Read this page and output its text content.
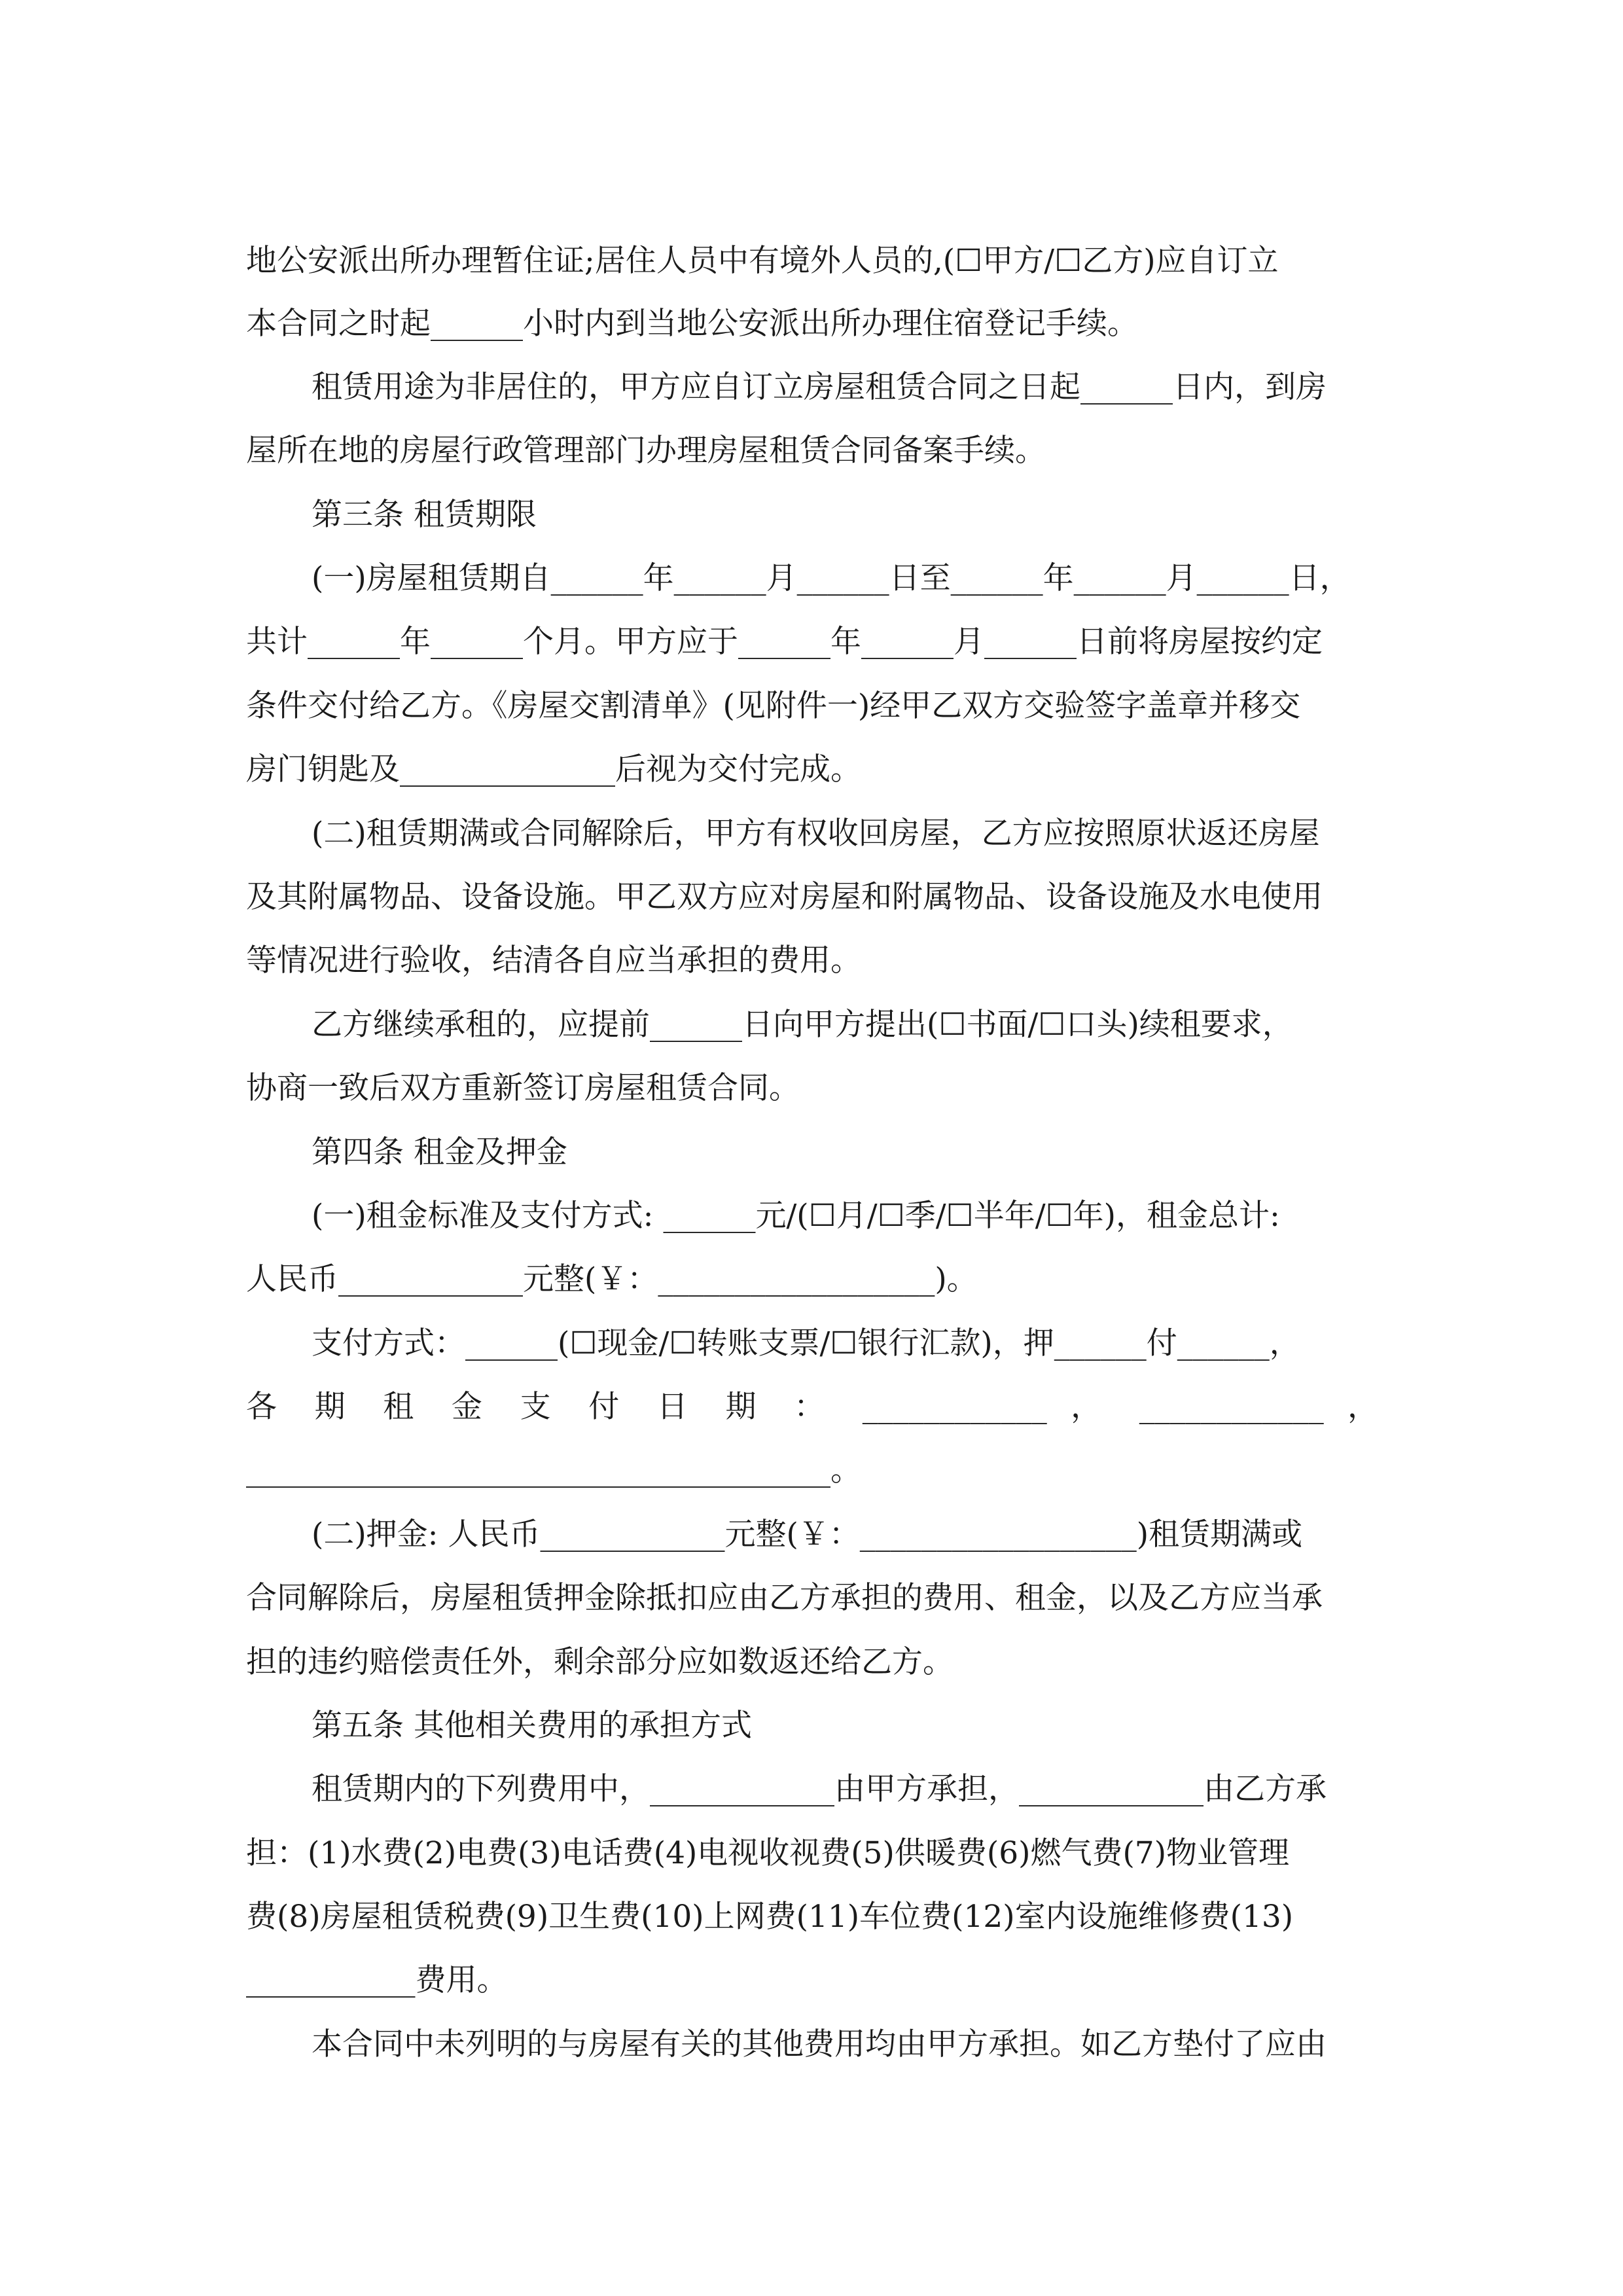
地公安派出所办理暂住证;居住人员中有境外人员的,(☐甲方/☐乙方)应自订立

本合同之时起______小时内到当地公安派出所办理住宿登记手续。

租赁用途为非居住的，甲方应自订立房屋租赁合同之日起______日内，到房

屋所在地的房屋行政管理部门办理房屋租赁合同备案手续。

第三条 租赁期限

(一)房屋租赁期自______年______月______日至______年______月______日，

共计______年______个月。甲方应于______年______月______日前将房屋按约定

条件交付给乙方。《房屋交割清单》(见附件一)经甲乙双方交验签字盖章并移交

房门钥匙及______________后视为交付完成。

(二)租赁期满或合同解除后，甲方有权收回房屋，乙方应按照原状返还房屋

及其附属物品、设备设施。甲乙双方应对房屋和附属物品、设备设施及水电使用

等情况进行验收，结清各自应当承担的费用。

乙方继续承租的，应提前______日向甲方提出(☐书面/☐口头)续租要求，

协商一致后双方重新签订房屋租赁合同。

第四条 租金及押金

(一)租金标准及支付方式: ______元/(☐月/☐季/☐半年/☐年)，租金总计:

人民币____________元整(￥：__________________)。

支付方式：______(☐现金/☐转账支票/☐银行汇款)，押______付______，

各 期 租 金 支 付 日 期 ： ____________ ， ____________ ，

______________________________________。

(二)押金: 人民币____________元整(￥：__________________)租赁期满或

合同解除后，房屋租赁押金除抵扣应由乙方承担的费用、租金，以及乙方应当承

担的违约赔偿责任外，剩余部分应如数返还给乙方。

第五条 其他相关费用的承担方式

租赁期内的下列费用中，____________由甲方承担，____________由乙方承

担：(1)水费(2)电费(3)电话费(4)电视收视费(5)供暖费(6)燃气费(7)物业管理

费(8)房屋租赁税费(9)卫生费(10)上网费(11)车位费(12)室内设施维修费(13)

___________费用。

本合同中未列明的与房屋有关的其他费用均由甲方承担。如乙方垫付了应由
